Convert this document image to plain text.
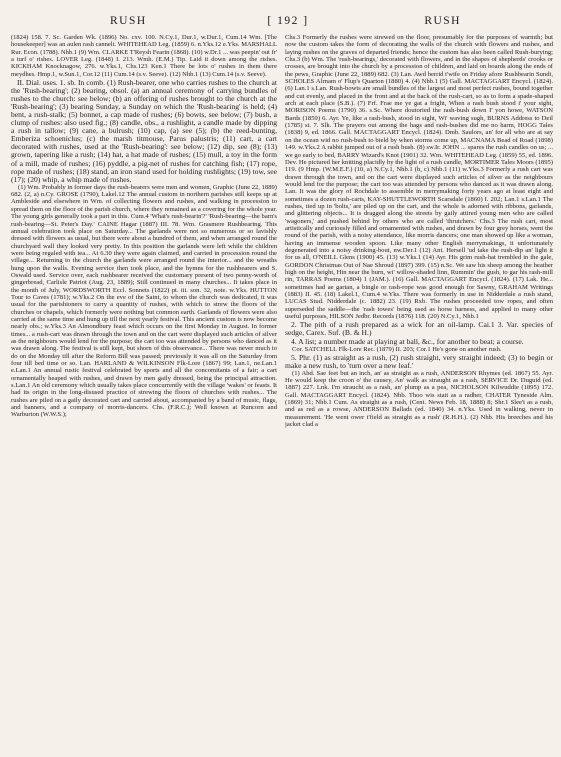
RUSH	[ 192 ]	RUSH

(1824) 158. 7. Sc. Garden Wk. (1896) No. cxv. 100. N.Cy.1, Dur.1, w.Dur.1, Cum.14 Wm. [The housekeeper] was an aulen rash cannelt. WHITEHEAD Leg. (1859) 6. n.Yks.12 e.Yks. MARSHALL Rur. Econ. (1788). Nhb.1 (9) Wm. CLARKE T'Reysh Fearin (1868). (10) w.Dr.1 ... was peepin' out fr' a turf o' rishes. LOVER Leg. (1848) I. 213. Wmh. (E.M.) Tip. Laid it down among the rishes. KICKHAM Knocknagow, 276. w.Yks.1, Chs.123 Ken.1 There be lots o' rushes in them there meydhes. Hmp.1, w.Sun.1, Cor.12 (11) Cum.14 (s.v. Seeve). (12) Nhb.1 (13) Cum.14 (s.v. Seeve).

II. Dial. uses. 1. sb. In comb. (1) Rush-bearer, one who carries rushes to the church at the 'Rush-bearing'; (2) bearing, obsol. (a) an annual ceremony of carrying bundles of rushes to the church: see below; (b) an offering of rushes brought to the church at the 'Rush-bearing'; (3) bearing Sunday, a Sunday on which the 'Rush-bearing' is held; (4) bent, a rush-stalk; (5) bonnet, a cap made of rushes; (6) bowts, see below; (7) bush, a clump of rushes: also used fig.; (8) candle, obs., a rushlight, a candle made by dipping a rush in tallow; (9) cane, a bulrush; (10) cap, (a) see (5); (b) the reed-bunting, Emberiza schoeniclus; (c) the marsh titmouse, Parus palustris; (11) cart, a cart decorated with rushes, used at the 'Rush-bearing': see below; (12) dip, see (8); (13) grown, tapering like a rush; (14) hat, a hat made of rushes; (15) mull, a toy in the form of a mill, made of rushes; (16) pyddle, a pig-net of rushes for catching fish; (17) rope, rope made of rushes; (18) stand, an iron stand used for holding rushlights; (19) tow, see (17); (20) whip, a whip made of rushes.

(1) Wm. Probably in former days the rush-bearers were men and women, Graphic (June 22, 1889) 682. (2, a) n.Cy. GROSE (1790), Lakel.12 The annual custom in northern parishes still keeps up at Ambleside and elsewhere in Wm. of collecting flowers and rushes, and walking in procession to spread them on the floor of the parish church, where they remained as a covering for the whole year. The young girls generally took a part in this. Cum.4 'What's rush-bearin'?' 'Rush-bearing—the barn's rush-bearing—St. Peter's Day.' CAINE Hagar (1887) III. 78. Wm. Grasmere Rushbearing. This annual celebration took place on Saturday... The garlands were not so numerous or so lavishly dressed with flowers as usual, but there were about a hundred of them, and when arranged round the churchyard wall they looked very pretty. In this position the garlands were left while the children were being regaled with tea... At 6.30 they were again claimed, and carried in procession round the village... Returning to the church the garlands were arranged round the interior... and the wreaths hung upon the walls. Evening service then took place, and the hymns for the rushbearers and S. Oswald used. Service over, each rushbearer received the customary present of two penny-worth of gingerbread, Carlisle Patriot (Aug. 23, 1889); Still continued in many churches... It takes place in the month of July, WORDSWORTH Eccl. Sonnets (1822) pt. iii. son. 32, note. w.Yks. HUTTON Tour to Caves (1781); w.Yks.2 On the eve of the Saint, to whom the church was dedicated, it was usual for the parishioners to carry a quantity of rushes, with which to strew the floors of the churches or chapels, which formerly were nothing but common earth. Garlands of flowers were also carried at the same time and hung up till the next yearly festival. This ancient custom is now become nearly obs.; w.Yks.3 An Almondbury feast which occurs on the first Monday in August. In former times... a rush-cart was drawn through the town and on the cart were displayed such articles of silver as the neighbours would lend for the purpose; the cart too was attended by persons who danced as it was drawn along. The festival is still kept, but shorn of this observance... There was never much to do on the Monday till after the Reform Bill was passed; previously it was all on the Saturday from four till bed time or so. Lan. HARLAND & WILKINSON Flk-Lore (1867) 99; Lan.1, ne.Lan.1 e.Lan.1 An annual rustic festival celebrated by sports and all the concomitants of a fair; a cart ornamentally heaped with rushes, and drawn by men gaily dressed, being the principal attraction. s.Lan.1 An old ceremony which usually takes place concurrently with the village 'wakes' or feasts. It had its origin in the long-disused practice of strewing the floors of churches with rushes... The rushes are piled on a gaily decorated cart and carried about, accompanied by a band of music, flags, and banners, and a company of morris-dancers. Chs. (F.R.C.); Well known at Runcorn and Warburton (W.W.S.);

Chs.3 Formerly the rushes were strewed on the floor, presumably for the purposes of warmth; but now the custom takes the form of decorating the walls of the church with flowers and rushes, and laying rushes on the graves of departed friends; hence the custom has also been called Rush-burying; Chs.3 (b) Wm. The 'rush-bearings,' decorated with flowers, and in the shapes of shepherds' crooks or crosses, are brought into the church by a procession of children, and laid on boards along the ends of the pews, Graphic (June 22, 1889) 682. (3) Lan. Awd berrid t'wife on Friday afore Rushbearin Sundi, SCHOLES Alrnam o' Flup's Quarton (1880) 4. (4) Nhb.1 (5) Gall. MACTAGGART Encycl. (1824). (6) Lan.1 s.Lan. Rush-bowts are small bundles of the largest and most perfect rushes, bound together and cut evenly, and placed in the front and at the back of the rush-cart, so as to form a spade-shaped arch at each place (S.B.). (7) Frf. Frae me ye gat a fright, When a rash bush stood i' your sight, MORISON Poems (1790) 36. s.Sc. Where doutoried the rash-bush down I' yon howe, WATSON Bards (1859) 6. Ayr. Ye, like a rash-bush, stood in sight, Wi' waving sugh, BURNS Address to Deil (1785) st. 7. Slk. The prayers out among the hags and rash-bushes did me no harm, HOGG Tales (1838) 9, ed. 1866. Gall. MACTAGGART Encycl. (1824). Dmb. Saulors, an' for all who are at say on the ocean wid no rush-bush to bield by when storms come up, MACNAMA Bead of Road (1898) 149. w.Yks.2 A rabbit jumped out of a rush bush. (8) sw.Ir. JOHN ... spares the rush candles on us; ... we go early to bed, BARRY Wizard's Knot (1901) 32. Wm. WHITEHEAD Leg. (1859) 55, ed. 1896. Dev. He pictured her knitting placidly by the light of a rush candle, MORTIMER Tales Moors (1895) 119. (9 Hmp. (W.M.E.F.) (10, a) N.Cy.1, Nhb.1 (b, c) Nhb.1 (11) w.Yks.3 Formerly a rush cart was drawn through the town, and on the cart were displayed such articles of silver as the neighbours would lend for the purpose; the cart too was attended by persons who danced as it was drawn along. Lan. It was the glory of Rochdale to assemble in merrymaking forty years ago at least eight and sometimes a dozen rush-carts, KAY-SHUTTLEWORTH Scarsdale (1860) I. 202; Lan.1 s.Lan.1 The rushes, tied up in 'bolts,' are piled up on the cart, and the whole is adorned with ribbons, garlands, and glittering objects... It is dragged along the streets by gaily attired young men who are called 'wagoners,' and pushed behind by others who are called 'thrutchers.' Chs.3 The rush cart, most artistically and curiously filled and ornamented with rushes, and drawn by four grey horses, went the round of the parish, with a noisy attendance, like morris dancers; one man showed up like a woman, having an immense wooden spoon. Like many other English merrymakings, it unfortunately degenerated into a noisy drinking-bout, nw.Der.1 (12) Ant. Hersell 'ud take the rush-dip an' light it for us all, O'NEILL Glens (1900) 45. (13) w.Yks.1 (14) Ayr. His grim rush-hat trembled in the gale, GORDON Christmas Out of Nae Shroud (1897) 399. (15) n.Sc. We saw his sheep among the heather high on the height, Hin near the burn, wi' willow-shaded linn, Rummin' the gush, to gar his rash-mill rin, TARRAS Poems (1804) 1 (JAM.). (16) Gall. MACTAGGART Encycl. (1824). (17) Lak. He... sometimes had ae gartan, a bingle or rash-rope was good enough for Sawny, GRAHAM Writings (1883) II. 45. (18) Lakel.1, Cum.4 w.Yks. There was formerly in use in Nidderdale a rush stand, LUCAS Stud. Nidderdale (c. 1882) 23. (19) Rxb. The rushes proceeded tow ropes, and often superseded the saddle—the 'rash towes' being used as horse harness, and applied to many other useful purposes, HILSON Jedbr. Records (1876) 118. (20) N.Cy.1, Nhb.1

2. The pith of a rush prepared as a wick for an oil-lamp. Cai.1 3. Var. species of sedge, Carex. Suf. (B. & H.)

4. A list; a number made at playing at ball, &c., for another to beat; a course.

Cor. SATCHELL Flk-Lore Rec. (1879) II. 203; Cor.1 He's gone on another rush.

5. Phr. (1) as straight as a rush, (2) rush straight, very straight indeed; (3) to begin or make a new rush, to 'turn over a new leaf.'

(1) Abd. Sae feet but an inch, an' as straight as a rush, ANDERSON Rhymes (ed. 1867) 55. Ayr. He would keep the croon o' the causey, An' walk as straught as a rash, SERVICE Dr. Duguid (ed. 1887) 227. Lnk. I'm straucht as a rash, an' plump as a pea, NICHOLSON Kilwuddie (1895) 172. Gall. MACTAGGART Encycl. (1824). Nhb. Thoo wis stait as a radher, CHATER Tyneside Alm. (1869) 31; Nhb.1 Cum. As straight as a rush, (Cent. News Feb. 18, 1888) 8; Shr.1 Slee't as a rush, and as red as a rowse, ANDERSON Ballads (ed. 1840) 34. n.Yks. Used in walking, never in measurement. 'He went ower t'field as straight as a rush' (R.H.H.). (2) Nhb. His breeches and his jacket clad a
